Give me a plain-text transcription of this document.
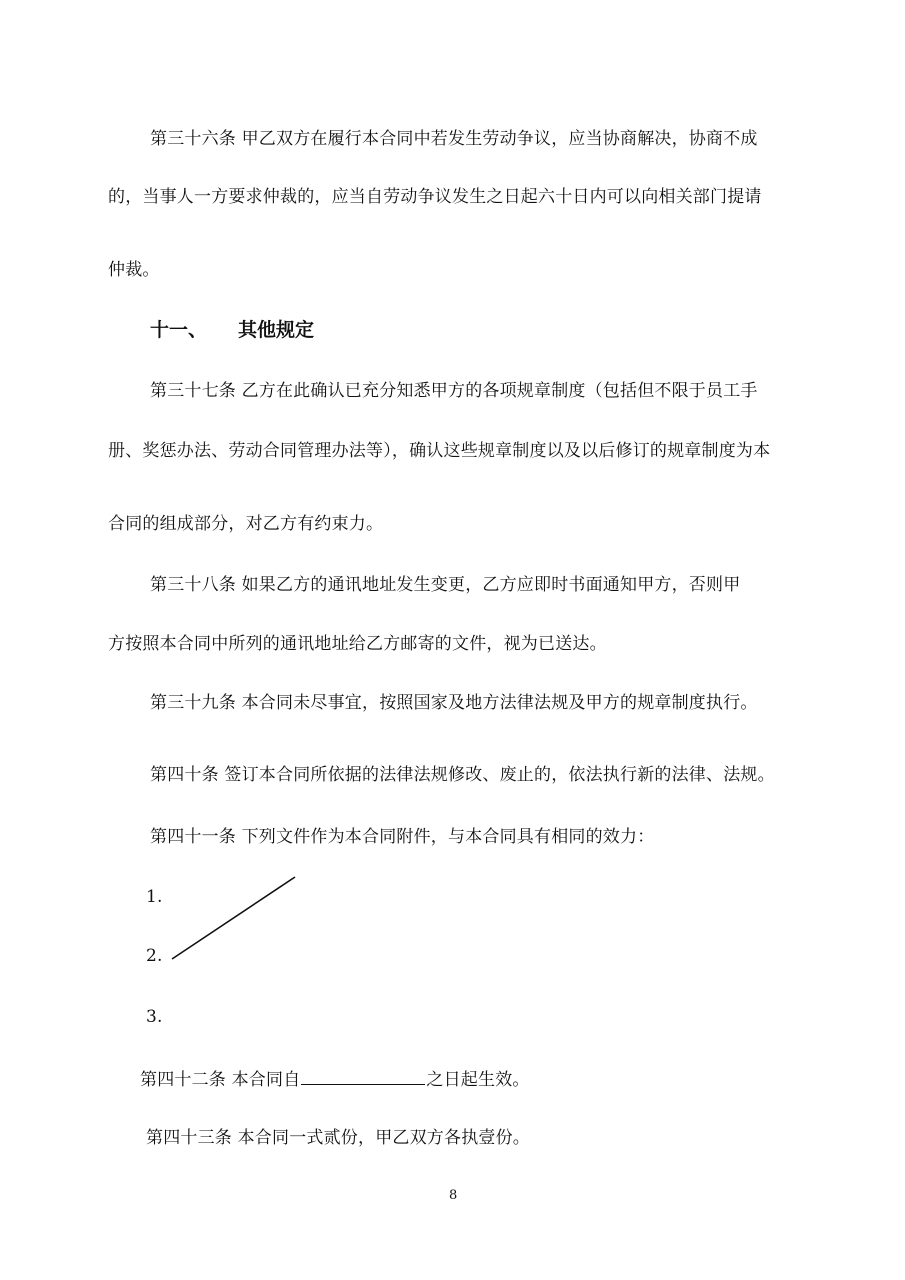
第三十六条 甲乙双方在履行本合同中若发生劳动争议，应当协商解决，协商不成
的，当事人一方要求仲裁的，应当自劳动争议发生之日起六十日内可以向相关部门提请
仲裁。
十一、 其他规定
第三十七条 乙方在此确认已充分知悉甲方的各项规章制度（包括但不限于员工手
册、奖惩办法、劳动合同管理办法等），确认这些规章制度以及以后修订的规章制度为本
合同的组成部分，对乙方有约束力。
第三十八条 如果乙方的通讯地址发生变更，乙方应即时书面通知甲方，否则甲
方按照本合同中所列的通讯地址给乙方邮寄的文件，视为已送达。
第三十九条 本合同未尽事宜，按照国家及地方法律法规及甲方的规章制度执行。
第四十条 签订本合同所依据的法律法规修改、废止的，依法执行新的法律、法规。
第四十一条 下列文件作为本合同附件，与本合同具有相同的效力：
1.
2.
3.
第四十二条 本合同自	之日起生效。
第四十三条 本合同一式贰份，甲乙双方各执壹份。
8
